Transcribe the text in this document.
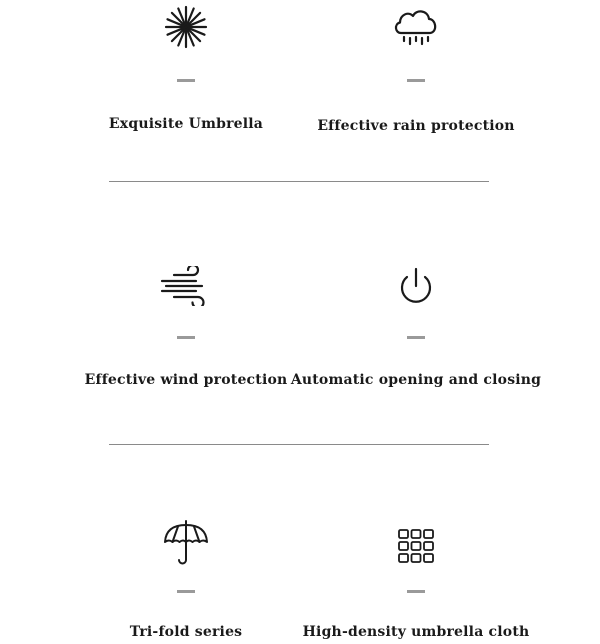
Exquisite Umbrella	Effective rain protection
Effective wind protection Automatic opening and closing
Tri-fold series	High-density umbrella cloth
